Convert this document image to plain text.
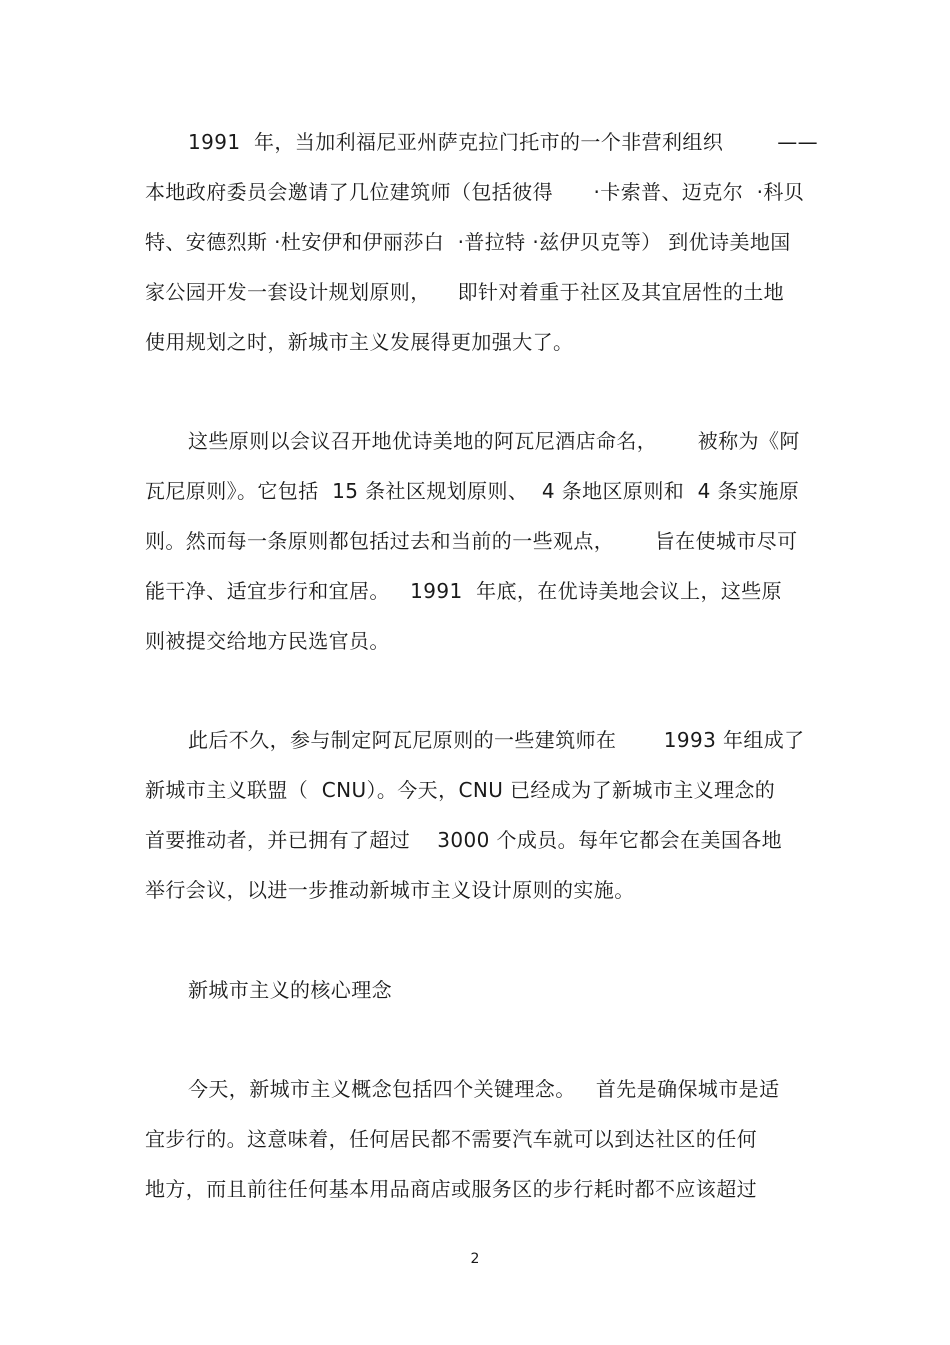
1991  年，当加利福尼亚州萨克拉门托市的一个非营利组织        ——
本地政府委员会邀请了几位建筑师（包括彼得      ·卡索普、迈克尔  ·科贝
特、安德烈斯 ·杜安伊和伊丽莎白  ·普拉特 ·兹伊贝克等） 到优诗美地国
家公园开发一套设计规划原则，    即针对着重于社区及其宜居性的土地
使用规划之时，新城市主义发展得更加强大了。
这些原则以会议召开地优诗美地的阿瓦尼酒店命名，      被称为《阿
瓦尼原则》。它包括  15 条社区规划原则、  4 条地区原则和  4 条实施原
则。然而每一条原则都包括过去和当前的一些观点，      旨在使城市尽可
能干净、适宜步行和宜居。   1991  年底，在优诗美地会议上，这些原
则被提交给地方民选官员。
此后不久，参与制定阿瓦尼原则的一些建筑师在       1993 年组成了
新城市主义联盟（  CNU）。今天，CNU 已经成为了新城市主义理念的
首要推动者，并已拥有了超过    3000 个成员。每年它都会在美国各地
举行会议，以进一步推动新城市主义设计原则的实施。
新城市主义的核心理念
今天，新城市主义概念包括四个关键理念。   首先是确保城市是适
宜步行的。这意味着，任何居民都不需要汽车就可以到达社区的任何
地方，而且前往任何基本用品商店或服务区的步行耗时都不应该超过
2
